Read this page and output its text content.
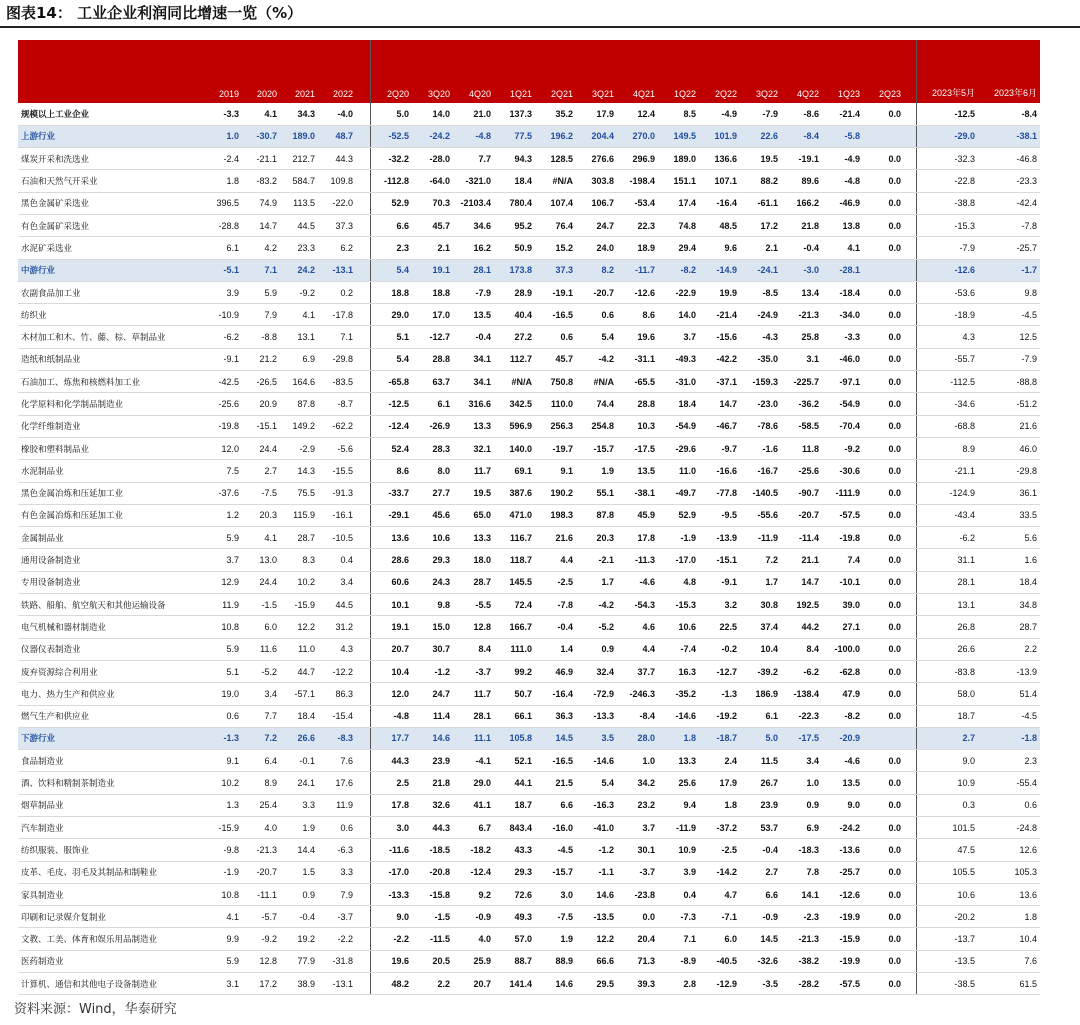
图表14： 工业企业利润同比增速一览（%）
	2019	2020	2021	2022		2Q20	3Q20	4Q20	1Q21	2Q21	3Q21	4Q21	1Q22	2Q22	3Q22	4Q22	1Q23	2Q23		2023年5月	2023年6月
规模以上工业企业	-3.3	4.1	34.3	-4.0		5.0	14.0	21.0	137.3	35.2	17.9	12.4	8.5	-4.9	-7.9	-8.6	-21.4	0.0		-12.5	-8.4
上游行业	1.0	-30.7	189.0	48.7		-52.5	-24.2	-4.8	77.5	196.2	204.4	270.0	149.5	101.9	22.6	-8.4	-5.8			-29.0	-38.1
煤炭开采和洗选业	-2.4	-21.1	212.7	44.3		-32.2	-28.0	7.7	94.3	128.5	276.6	296.9	189.0	136.6	19.5	-19.1	-4.9	0.0		-32.3	-46.8
石油和天然气开采业	1.8	-83.2	584.7	109.8		-112.8	-64.0	-321.0	18.4	#N/A	303.8	-198.4	151.1	107.1	88.2	89.6	-4.8	0.0		-22.8	-23.3
黑色金属矿采选业	396.5	74.9	113.5	-22.0		52.9	70.3	-2103.4	780.4	107.4	106.7	-53.4	17.4	-16.4	-61.1	166.2	-46.9	0.0		-38.8	-42.4
有色金属矿采选业	-28.8	14.7	44.5	37.3		6.6	45.7	34.6	95.2	76.4	24.7	22.3	74.8	48.5	17.2	21.8	13.8	0.0		-15.3	-7.8
水泥矿采选业	6.1	4.2	23.3	6.2		2.3	2.1	16.2	50.9	15.2	24.0	18.9	29.4	9.6	2.1	-0.4	4.1	0.0		-7.9	-25.7
中游行业	-5.1	7.1	24.2	-13.1		5.4	19.1	28.1	173.8	37.3	8.2	-11.7	-8.2	-14.9	-24.1	-3.0	-28.1			-12.6	-1.7
农副食品加工业	3.9	5.9	-9.2	0.2		18.8	18.8	-7.9	28.9	-19.1	-20.7	-12.6	-22.9	19.9	-8.5	13.4	-18.4	0.0		-53.6	9.8
纺织业	-10.9	7.9	4.1	-17.8		29.0	17.0	13.5	40.4	-16.5	0.6	8.6	14.0	-21.4	-24.9	-21.3	-34.0	0.0		-18.9	-4.5
木材加工和木、竹、藤、棕、草制品业	-6.2	-8.8	13.1	7.1		5.1	-12.7	-0.4	27.2	0.6	5.4	19.6	3.7	-15.6	-4.3	25.8	-3.3	0.0		4.3	12.5
造纸和纸制品业	-9.1	21.2	6.9	-29.8		5.4	28.8	34.1	112.7	45.7	-4.2	-31.1	-49.3	-42.2	-35.0	3.1	-46.0	0.0		-55.7	-7.9
石油加工、炼焦和核燃料加工业	-42.5	-26.5	164.6	-83.5		-65.8	63.7	34.1	#N/A	750.8	#N/A	-65.5	-31.0	-37.1	-159.3	-225.7	-97.1	0.0		-112.5	-88.8
化学原料和化学制品制造业	-25.6	20.9	87.8	-8.7		-12.5	6.1	316.6	342.5	110.0	74.4	28.8	18.4	14.7	-23.0	-36.2	-54.9	0.0		-34.6	-51.2
化学纤维制造业	-19.8	-15.1	149.2	-62.2		-12.4	-26.9	13.3	596.9	256.3	254.8	10.3	-54.9	-46.7	-78.6	-58.5	-70.4	0.0		-68.8	21.6
橡胶和塑料制品业	12.0	24.4	-2.9	-5.6		52.4	28.3	32.1	140.0	-19.7	-15.7	-17.5	-29.6	-9.7	-1.6	11.8	-9.2	0.0		8.9	46.0
水泥制品业	7.5	2.7	14.3	-15.5		8.6	8.0	11.7	69.1	9.1	1.9	13.5	11.0	-16.6	-16.7	-25.6	-30.6	0.0		-21.1	-29.8
黑色金属冶炼和压延加工业	-37.6	-7.5	75.5	-91.3		-33.7	27.7	19.5	387.6	190.2	55.1	-38.1	-49.7	-77.8	-140.5	-90.7	-111.9	0.0		-124.9	36.1
有色金属冶炼和压延加工业	1.2	20.3	115.9	-16.1		-29.1	45.6	65.0	471.0	198.3	87.8	45.9	52.9	-9.5	-55.6	-20.7	-57.5	0.0		-43.4	33.5
金属制品业	5.9	4.1	28.7	-10.5		13.6	10.6	13.3	116.7	21.6	20.3	17.8	-1.9	-13.9	-11.9	-11.4	-19.8	0.0		-6.2	5.6
通用设备制造业	3.7	13.0	8.3	0.4		28.6	29.3	18.0	118.7	4.4	-2.1	-11.3	-17.0	-15.1	7.2	21.1	7.4	0.0		31.1	1.6
专用设备制造业	12.9	24.4	10.2	3.4		60.6	24.3	28.7	145.5	-2.5	1.7	-4.6	4.8	-9.1	1.7	14.7	-10.1	0.0		28.1	18.4
铁路、船舶、航空航天和其他运输设备	11.9	-1.5	-15.9	44.5		10.1	9.8	-5.5	72.4	-7.8	-4.2	-54.3	-15.3	3.2	30.8	192.5	39.0	0.0		13.1	34.8
电气机械和器材制造业	10.8	6.0	12.2	31.2		19.1	15.0	12.8	166.7	-0.4	-5.2	4.6	10.6	22.5	37.4	44.2	27.1	0.0		26.8	28.7
仪器仪表制造业	5.9	11.6	11.0	4.3		20.7	30.7	8.4	111.0	1.4	0.9	4.4	-7.4	-0.2	10.4	8.4	-100.0	0.0		26.6	2.2
废弃资源综合利用业	5.1	-5.2	44.7	-12.2		10.4	-1.2	-3.7	99.2	46.9	32.4	37.7	16.3	-12.7	-39.2	-6.2	-62.8	0.0		-83.8	-13.9
电力、热力生产和供应业	19.0	3.4	-57.1	86.3		12.0	24.7	11.7	50.7	-16.4	-72.9	-246.3	-35.2	-1.3	186.9	-138.4	47.9	0.0		58.0	51.4
燃气生产和供应业	0.6	7.7	18.4	-15.4		-4.8	11.4	28.1	66.1	36.3	-13.3	-8.4	-14.6	-19.2	6.1	-22.3	-8.2	0.0		18.7	-4.5
下游行业	-1.3	7.2	26.6	-8.3		17.7	14.6	11.1	105.8	14.5	3.5	28.0	1.8	-18.7	5.0	-17.5	-20.9			2.7	-1.8
食品制造业	9.1	6.4	-0.1	7.6		44.3	23.9	-4.1	52.1	-16.5	-14.6	1.0	13.3	2.4	11.5	3.4	-4.6	0.0		9.0	2.3
酒、饮料和精制茶制造业	10.2	8.9	24.1	17.6		2.5	21.8	29.0	44.1	21.5	5.4	34.2	25.6	17.9	26.7	1.0	13.5	0.0		10.9	-55.4
烟草制品业	1.3	25.4	3.3	11.9		17.8	32.6	41.1	18.7	6.6	-16.3	23.2	9.4	1.8	23.9	0.9	9.0	0.0		0.3	0.6
汽车制造业	-15.9	4.0	1.9	0.6		3.0	44.3	6.7	843.4	-16.0	-41.0	3.7	-11.9	-37.2	53.7	6.9	-24.2	0.0		101.5	-24.8
纺织服装、服饰业	-9.8	-21.3	14.4	-6.3		-11.6	-18.5	-18.2	43.3	-4.5	-1.2	30.1	10.9	-2.5	-0.4	-18.3	-13.6	0.0		47.5	12.6
皮革、毛皮、羽毛及其制品和制鞋业	-1.9	-20.7	1.5	3.3		-17.0	-20.8	-12.4	29.3	-15.7	-1.1	-3.7	3.9	-14.2	2.7	7.8	-25.7	0.0		105.5	105.3
家具制造业	10.8	-11.1	0.9	7.9		-13.3	-15.8	9.2	72.6	3.0	14.6	-23.8	0.4	4.7	6.6	14.1	-12.6	0.0		10.6	13.6
印刷和记录媒介复制业	4.1	-5.7	-0.4	-3.7		9.0	-1.5	-0.9	49.3	-7.5	-13.5	0.0	-7.3	-7.1	-0.9	-2.3	-19.9	0.0		-20.2	1.8
文教、工美、体育和娱乐用品制造业	9.9	-9.2	19.2	-2.2		-2.2	-11.5	4.0	57.0	1.9	12.2	20.4	7.1	6.0	14.5	-21.3	-15.9	0.0		-13.7	10.4
医药制造业	5.9	12.8	77.9	-31.8		19.6	20.5	25.9	88.7	88.9	66.6	71.3	-8.9	-40.5	-32.6	-38.2	-19.9	0.0		-13.5	7.6
计算机、通信和其他电子设备制造业	3.1	17.2	38.9	-13.1		48.2	2.2	20.7	141.4	14.6	29.5	39.3	2.8	-12.9	-3.5	-28.2	-57.5	0.0		-38.5	61.5
资料来源：Wind，华泰研究
